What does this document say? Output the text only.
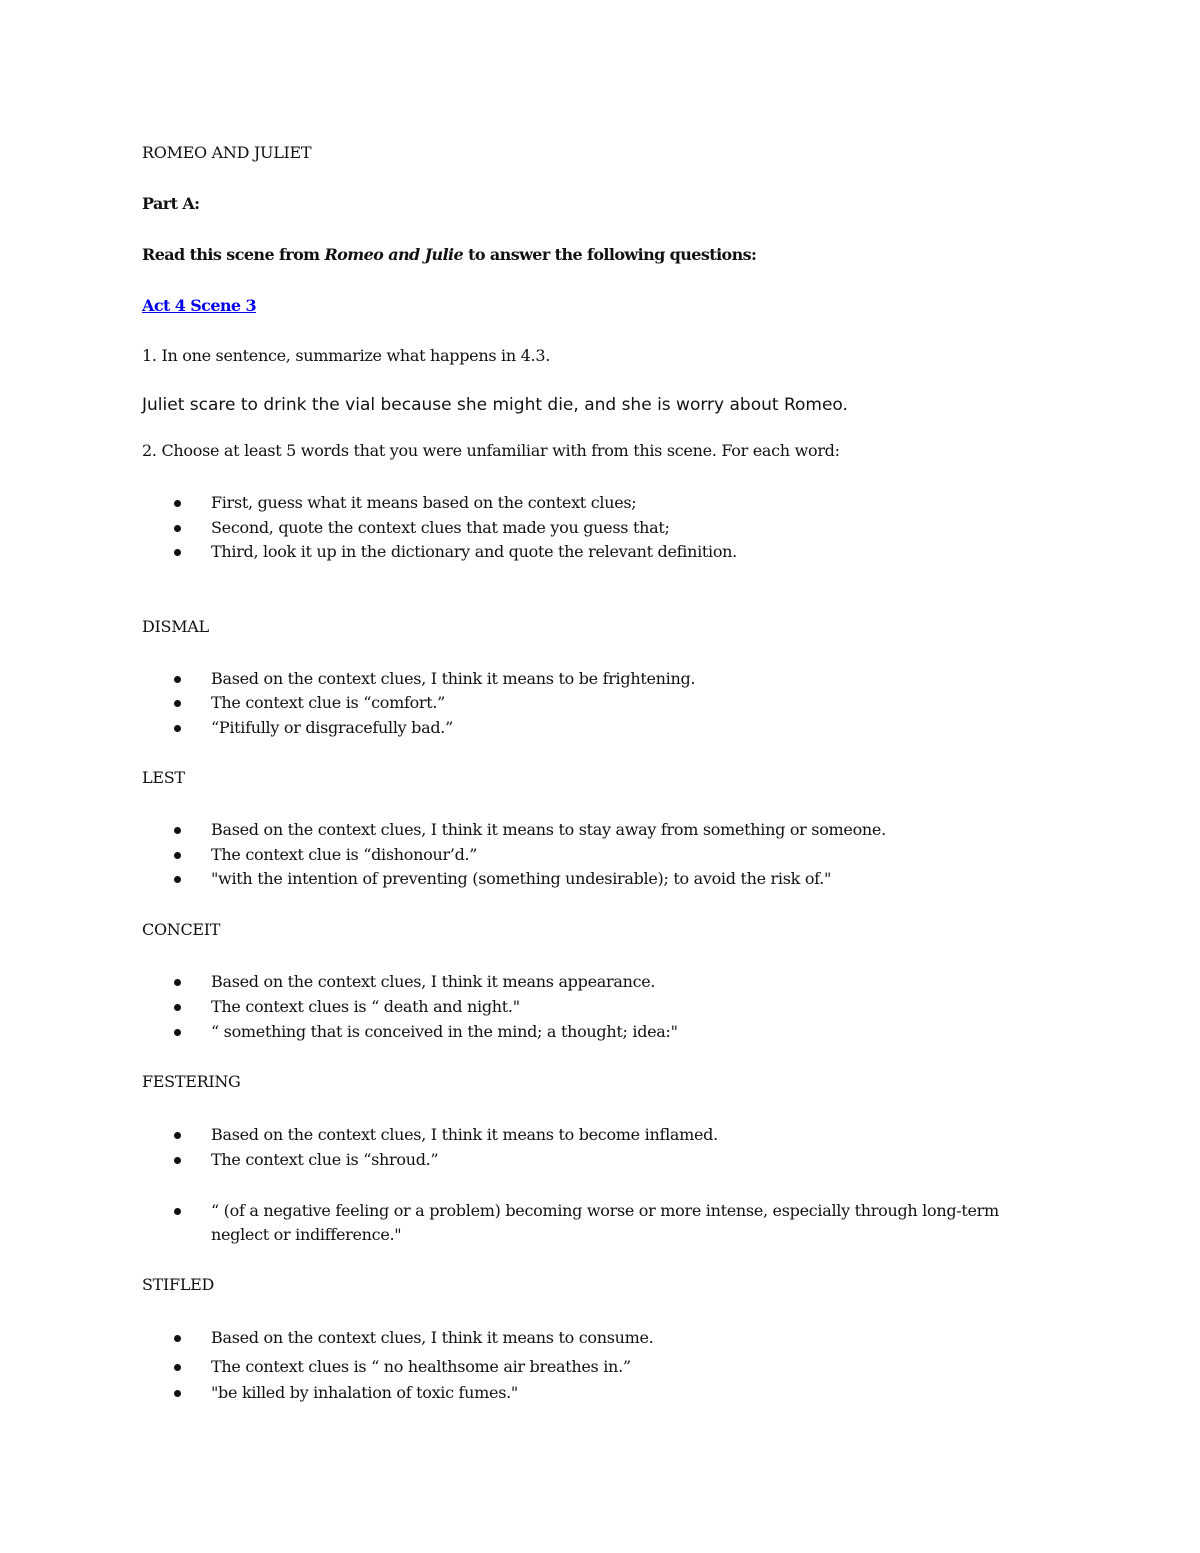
ROMEO AND JULIET
Part A:
Read this scene from Romeo and Julie to answer the following questions:
Act 4 Scene 3
1. In one sentence, summarize what happens in 4.3.
Juliet scare to drink the vial because she might die, and she is worry about Romeo.
2. Choose at least 5 words that you were unfamiliar with from this scene. For each word:
First, guess what it means based on the context clues;
Second, quote the context clues that made you guess that;
Third, look it up in the dictionary and quote the relevant definition.
DISMAL
Based on the context clues, I think it means to be frightening.
The context clue is “comfort.”
“Pitifully or disgracefully bad.”
LEST
Based on the context clues, I think it means to stay away from something or someone.
The context clue is “dishonour’d.”
"with the intention of preventing (something undesirable); to avoid the risk of."
CONCEIT
Based on the context clues, I think it means appearance.
The context clues is “ death and night."
“ something that is conceived in the mind; a thought; idea:"
FESTERING
Based on the context clues, I think it means to become inflamed.
The context clue is “shroud.”
“ (of a negative feeling or a problem) becoming worse or more intense, especially through long-term neglect or indifference."
STIFLED
Based on the context clues, I think it means to consume.
The context clues is “ no healthsome air breathes in.”
"be killed by inhalation of toxic fumes."
